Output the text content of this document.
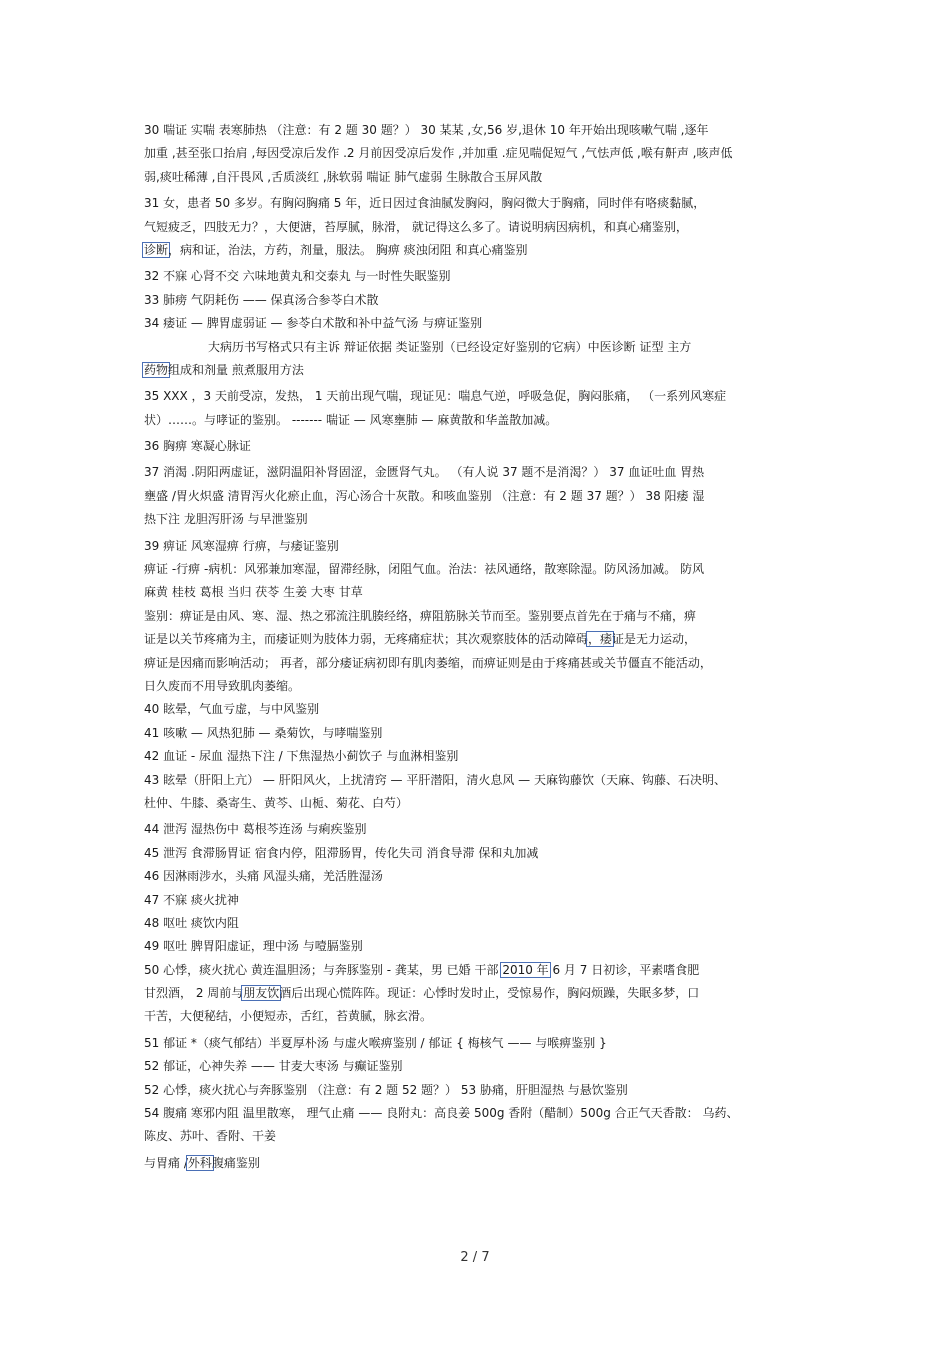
30 喘证 实喘 表寒肺热 （注意：有 2 题 30 题？） 30 某某 ,女,56 岁,退休 10 年开始出现咳嗽气喘 ,逐年
加重 ,甚至张口抬肩 ,每因受凉后发作 .2 月前因受凉后发作 ,并加重 .症见喘促短气 ,气怯声低 ,喉有鼾声 ,咳声低
弱,痰吐稀薄 ,自汗畏风 ,舌质淡红 ,脉软弱 喘证 肺气虚弱 生脉散合玉屏风散
31 女，患者 50 多岁。有胸闷胸痛 5 年，近日因过食油腻发胸闷，胸闷微大于胸痛，同时伴有咯痰黏腻，
气短疲乏，四肢无力？，大便溏，苔厚腻，脉滑， 就记得这么多了。请说明病因病机，和真心痛鉴别，
诊断，病和证，治法，方药，剂量，服法。 胸痹 痰浊闭阻 和真心痛鉴别
32 不寐 心肾不交 六味地黄丸和交泰丸 与一时性失眠鉴别
33 肺痨 气阴耗伤 —— 保真汤合参苓白术散
34 痿证 — 脾胃虚弱证 — 参苓白术散和补中益气汤 与痹证鉴别
大病历书写格式只有主诉 辩证依据 类证鉴别（已经设定好鉴别的它病）中医诊断 证型 主方
药物组成和剂量 煎煮服用方法
35 XXX ，3 天前受凉，发热， 1 天前出现气喘，现证见：喘息气逆，呼吸急促，胸闷胀痛， （一系列风寒症
状）……。与哮证的鉴别。 ------- 喘证 — 风寒壅肺 — 麻黄散和华盖散加减。
36 胸痹 寒凝心脉证
37 消渴 .阴阳两虚证，滋阴温阳补肾固涩，金匮肾气丸。 （有人说 37 题不是消渴？） 37 血证吐血 胃热
壅盛 /胃火炽盛 清胃泻火化瘀止血，泻心汤合十灰散。和咳血鉴别 （注意：有 2 题 37 题？） 38 阳痿 湿
热下注 龙胆泻肝汤 与早泄鉴别
39 痹证 风寒湿痹 行痹，与痿证鉴别
痹证 -行痹 -病机：风邪兼加寒湿，留滞经脉，闭阻气血。治法：祛风通络，散寒除湿。防风汤加减。 防风
麻黄 桂枝 葛根 当归 茯苓 生姜 大枣 甘草
鉴别：痹证是由风、寒、湿、热之邪流注肌腠经络，痹阻筋脉关节而至。鉴别要点首先在于痛与不痛，痹
证是以关节疼痛为主，而痿证则为肢体力弱，无疼痛症状；其次观察肢体的活动障碍，痿证是无力运动，
痹证是因痛而影响活动； 再者，部分痿证病初即有肌肉萎缩，而痹证则是由于疼痛甚或关节僵直不能活动，
日久废而不用导致肌肉萎缩。
40 眩晕，气血亏虚，与中风鉴别
41 咳嗽 — 风热犯肺 — 桑菊饮，与哮喘鉴别
42 血证 - 尿血 湿热下注 / 下焦湿热小蓟饮子 与血淋相鉴别
43 眩晕（肝阳上亢） — 肝阳风火，上扰清窍 — 平肝潜阳，清火息风 — 天麻钩藤饮（天麻、钩藤、石决明、
杜仲、牛膝、桑寄生、黄芩、山栀、菊花、白芍）
44 泄泻 湿热伤中 葛根芩连汤 与痢疾鉴别
45 泄泻 食滞肠胃证 宿食内停，阻滞肠胃，传化失司 消食导滞 保和丸加减
46 因淋雨涉水，头痛 风湿头痛，羌活胜湿汤
47 不寐 痰火扰神
48 呕吐 痰饮内阻
49 呕吐 脾胃阳虚证，理中汤 与噎膈鉴别
50 心悸，痰火扰心 黄连温胆汤；与奔豚鉴别 - 龚某，男 已婚 干部 2010 年 6 月 7 日初诊，平素嗜食肥
甘烈酒， 2 周前与朋友饮酒后出现心慌阵阵。现证：心悸时发时止，受惊易作，胸闷烦躁，失眠多梦，口
干苦，大便秘结，小便短赤，舌红，苔黄腻，脉玄滑。
51 郁证 *（痰气郁结）半夏厚朴汤 与虚火喉痹鉴别 / 郁证 { 梅核气 —— 与喉痹鉴别 }
52 郁证，心神失养 —— 甘麦大枣汤 与癫证鉴别
52 心悸，痰火扰心与奔豚鉴别 （注意：有 2 题 52 题？） 53 胁痛，肝胆湿热 与悬饮鉴别
54 腹痛 寒邪内阻 温里散寒， 理气止痛 —— 良附丸：高良姜 500g 香附（醋制）500g 合正气天香散： 乌药、
陈皮、苏叶、香附、干姜
与胃痛 /外科腹痛鉴别
2 / 7
